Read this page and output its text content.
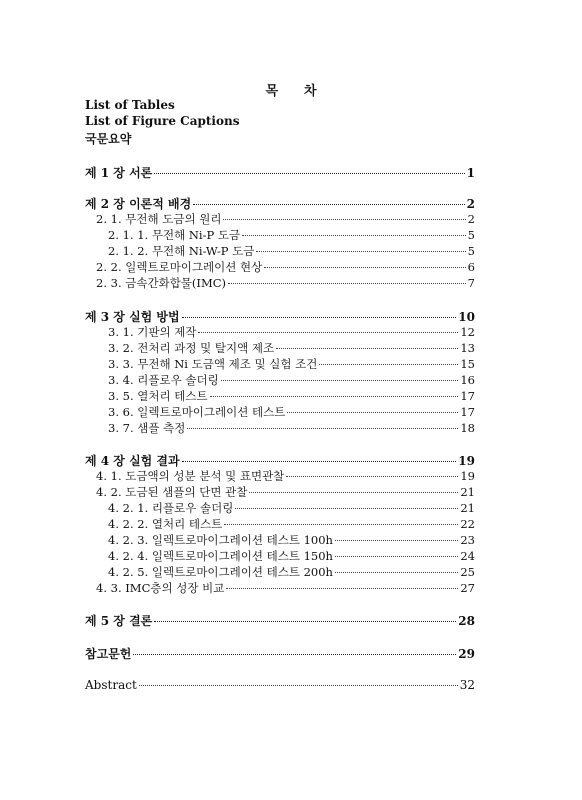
목 차
List of Tables
List of Figure Captions
국문요약
제 1 장 서론	1
제 2 장 이론적 배경	2
2. 1. 무전해 도금의 원리	2
2. 1. 1. 무전해 Ni-P 도금	5
2. 1. 2. 무전해 Ni-W-P 도금	5
2. 2. 일렉트로마이그레이션 현상	6
2. 3. 금속간화합물(IMC)	7
제 3 장 실험 방법	10
3. 1. 기판의 제작	12
3. 2. 전처리 과정 및 탈지액 제조	13
3. 3. 무전해 Ni 도금액 제조 및 실험 조건	15
3. 4. 리플로우 솔더링	16
3. 5. 열처리 테스트	17
3. 6. 일렉트로마이그레이션 테스트	17
3. 7. 샘플 측정	18
제 4 장 실험 결과	19
4. 1. 도금액의 성분 분석 및 표면관찰	19
4. 2. 도금된 샘플의 단면 관찰	21
4. 2. 1. 리플로우 솔더링	21
4. 2. 2. 열처리 테스트	22
4. 2. 3. 일렉트로마이그레이션 테스트 100h	23
4. 2. 4. 일렉트로마이그레이션 테스트 150h	24
4. 2. 5. 일렉트로마이그레이션 테스트 200h	25
4. 3. IMC층의 성장 비교	27
제 5 장 결론	28
참고문헌	29
Abstract	32
